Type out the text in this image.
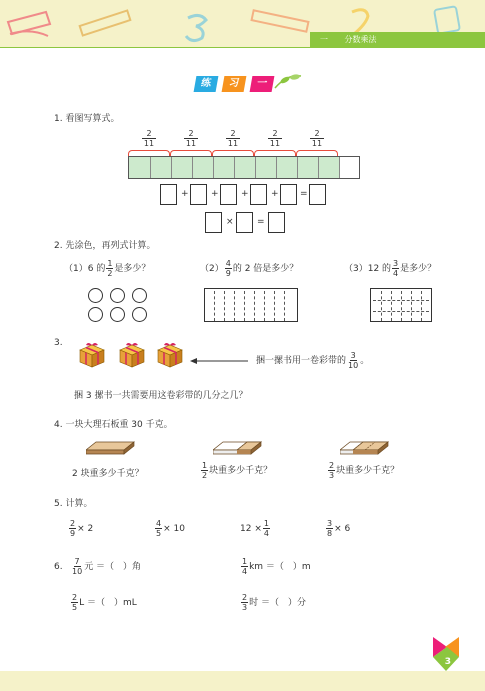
一 分数乘法
练	习	一
1. 看图写算式。
2
11
2
11
2
11
2
11
2
11
+ + + + =
×	=
2. 先涂色，再列式计算。
（1）6 的 $\frac{1}{2}$ 是多少？	$(2) \frac{4}{9}$ 的 2 倍是多少？	（3）12 的 $\frac{3}{4}$ 是多少？
3.
捆一摞书用一卷彩带的 $\frac{3}{10}$ 。
捆 3 摞书一共需要用这卷彩带的几分之几？
4. 一块大理石板重 30 千克。
2 块重多少千克？	$\frac{1}{2}$ 块重多少千克？	$\frac{2}{3}$ 块重多少千克？
5. 计算。
$\frac{2}{9} \times 2$	$\frac{4}{5} \times 10$	$12 \times \frac{1}{4}$	$\frac{3}{8} \times 6$
6. $\frac{7}{10}$ 元 ＝（　）角	$\frac{1}{4}$ km ＝（　）m
$\frac{2}{5}$ L ＝（　）mL	$\frac{2}{3}$ 时 ＝（　）分
3
